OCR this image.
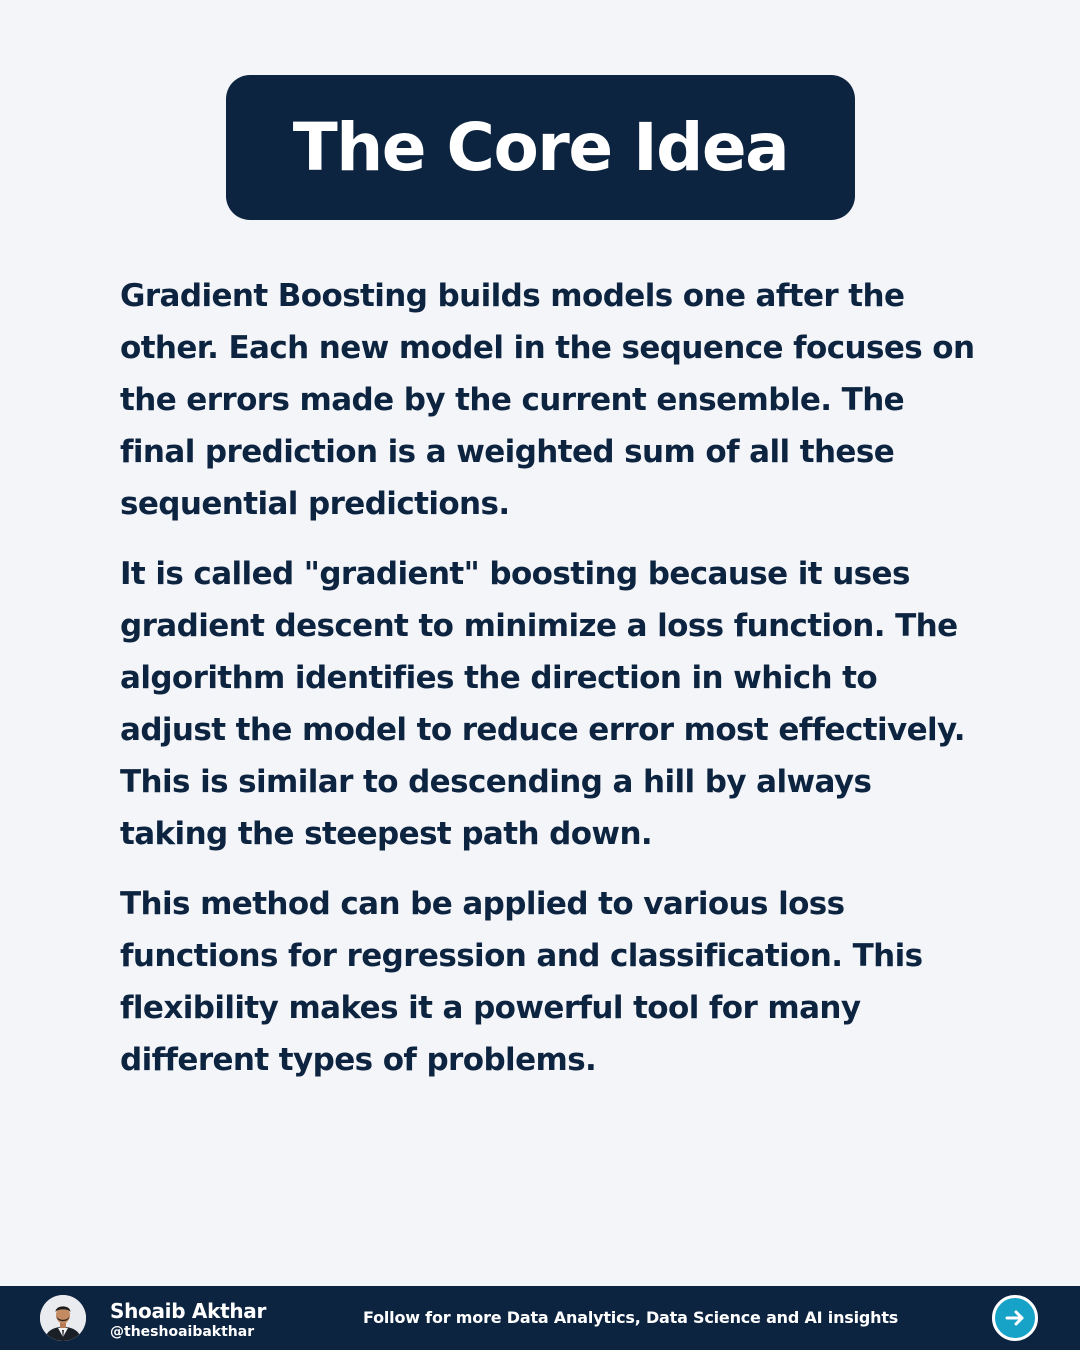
The Core Idea

Gradient Boosting builds models one after the other. Each new model in the sequence focuses on the errors made by the current ensemble. The final prediction is a weighted sum of all these sequential predictions.

It is called "gradient" boosting because it uses gradient descent to minimize a loss function. The algorithm identifies the direction in which to adjust the model to reduce error most effectively. This is similar to descending a hill by always taking the steepest path down.

This method can be applied to various loss functions for regression and classification. This flexibility makes it a powerful tool for many different types of problems.

Shoaib Akthar
@theshoaibakthar
Follow for more Data Analytics, Data Science and AI insights
